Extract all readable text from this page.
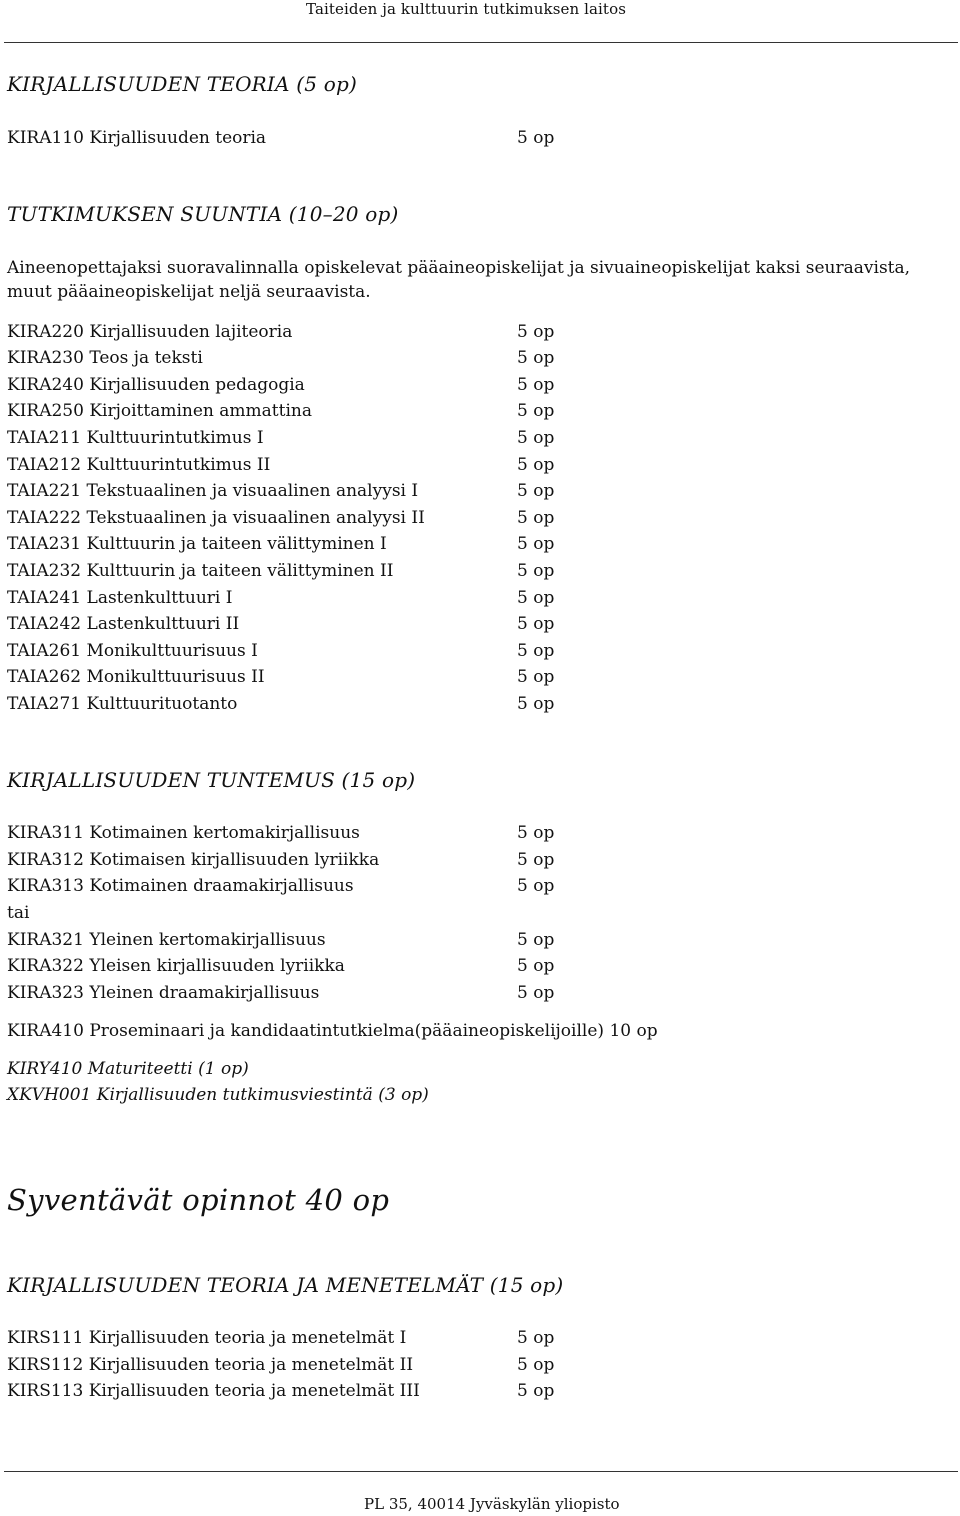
Taiteiden ja kulttuurin tutkimuksen laitos
KIRJALLISUUDEN TEORIA (5 op)
KIRA110 Kirjallisuuden teoria	5 op
TUTKIMUKSEN SUUNTIA (10–20 op)
Aineenopettajaksi suoravalinnalla opiskelevat pääaineopiskelijat ja sivuaineopiskelijat kaksi seuraavista,
muut pääaineopiskelijat neljä seuraavista.
KIRA220 Kirjallisuuden lajiteoria	5 op
KIRA230 Teos ja teksti	5 op
KIRA240 Kirjallisuuden pedagogia	5 op
KIRA250 Kirjoittaminen ammattina	5 op
TAIA211 Kulttuurintutkimus I	5 op
TAIA212 Kulttuurintutkimus II	5 op
TAIA221 Tekstuaalinen ja visuaalinen analyysi I	5 op
TAIA222 Tekstuaalinen ja visuaalinen analyysi II	5 op
TAIA231 Kulttuurin ja taiteen välittyminen I	5 op
TAIA232 Kulttuurin ja taiteen välittyminen II	5 op
TAIA241 Lastenkulttuuri I	5 op
TAIA242 Lastenkulttuuri II	5 op
TAIA261 Monikulttuurisuus I	5 op
TAIA262 Monikulttuurisuus II	5 op
TAIA271 Kulttuurituotanto	5 op
KIRJALLISUUDEN TUNTEMUS (15 op)
KIRA311 Kotimainen kertomakirjallisuus	5 op
KIRA312 Kotimaisen kirjallisuuden lyriikka	5 op
KIRA313 Kotimainen draamakirjallisuus	5 op
tai
KIRA321 Yleinen kertomakirjallisuus	5 op
KIRA322 Yleisen kirjallisuuden lyriikka	5 op
KIRA323 Yleinen draamakirjallisuus	5 op
KIRA410 Proseminaari ja kandidaatintutkielma(pääaineopiskelijoille) 10 op
KIRY410 Maturiteetti (1 op)
XKVH001 Kirjallisuuden tutkimusviestintä (3 op)
Syventävät opinnot 40 op
KIRJALLISUUDEN TEORIA JA MENETELMÄT (15 op)
KIRS111 Kirjallisuuden teoria ja menetelmät I	5 op
KIRS112 Kirjallisuuden teoria ja menetelmät II	5 op
KIRS113 Kirjallisuuden teoria ja menetelmät III	5 op
PL 35, 40014 Jyväskylän yliopisto
